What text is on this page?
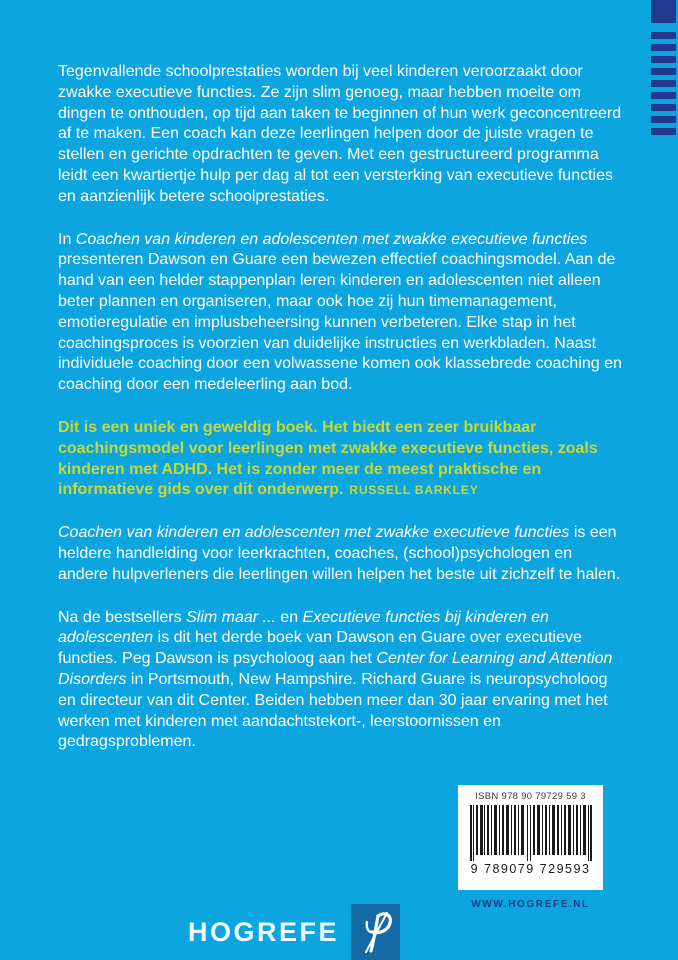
Tegenvallende schoolprestaties worden bij veel kinderen veroorzaakt door zwakke executieve functies. Ze zijn slim genoeg, maar hebben moeite om dingen te onthouden, op tijd aan taken te beginnen of hun werk geconcentreerd af te maken. Een coach kan deze leerlingen helpen door de juiste vragen te stellen en gerichte opdrachten te geven. Met een gestructureerd programma leidt een kwartiertje hulp per dag al tot een versterking van executieve functies en aanzienlijk betere schoolprestaties.

In Coachen van kinderen en adolescenten met zwakke executieve functies presenteren Dawson en Guare een bewezen effectief coachingsmodel. Aan de hand van een helder stappenplan leren kinderen en adolescenten niet alleen beter plannen en organiseren, maar ook hoe zij hun timemanagement, emotieregulatie en implusbeheersing kunnen verbeteren. Elke stap in het coachingsproces is voorzien van duidelijke instructies en werkbladen. Naast individuele coaching door een volwassene komen ook klassebrede coaching en coaching door een medeleerling aan bod.

Dit is een uniek en geweldig boek. Het biedt een zeer bruikbaar coachingsmodel voor leerlingen met zwakke executieve functies, zoals kinderen met ADHD. Het is zonder meer de meest praktische en informatieve gids over dit onderwerp. RUSSELL BARKLEY

Coachen van kinderen en adolescenten met zwakke executieve functies is een heldere handleiding voor leerkrachten, coaches, (school)psychologen en andere hulpverleners die leerlingen willen helpen het beste uit zichzelf te halen.

Na de bestsellers Slim maar ... en Executieve functies bij kinderen en adolescenten is dit het derde boek van Dawson en Guare over executieve functies. Peg Dawson is psycholoog aan het Center for Learning and Attention Disorders in Portsmouth, New Hampshire. Richard Guare is neuropsycholoog en directeur van dit Center. Beiden hebben meer dan 30 jaar ervaring met het werken met kinderen met aandachtstekort-, leerstoornissen en gedragsproblemen.

ISBN 978 90 79729 59 3
9 789079 729593
WWW.HOGREFE.NL
HOGREFE
